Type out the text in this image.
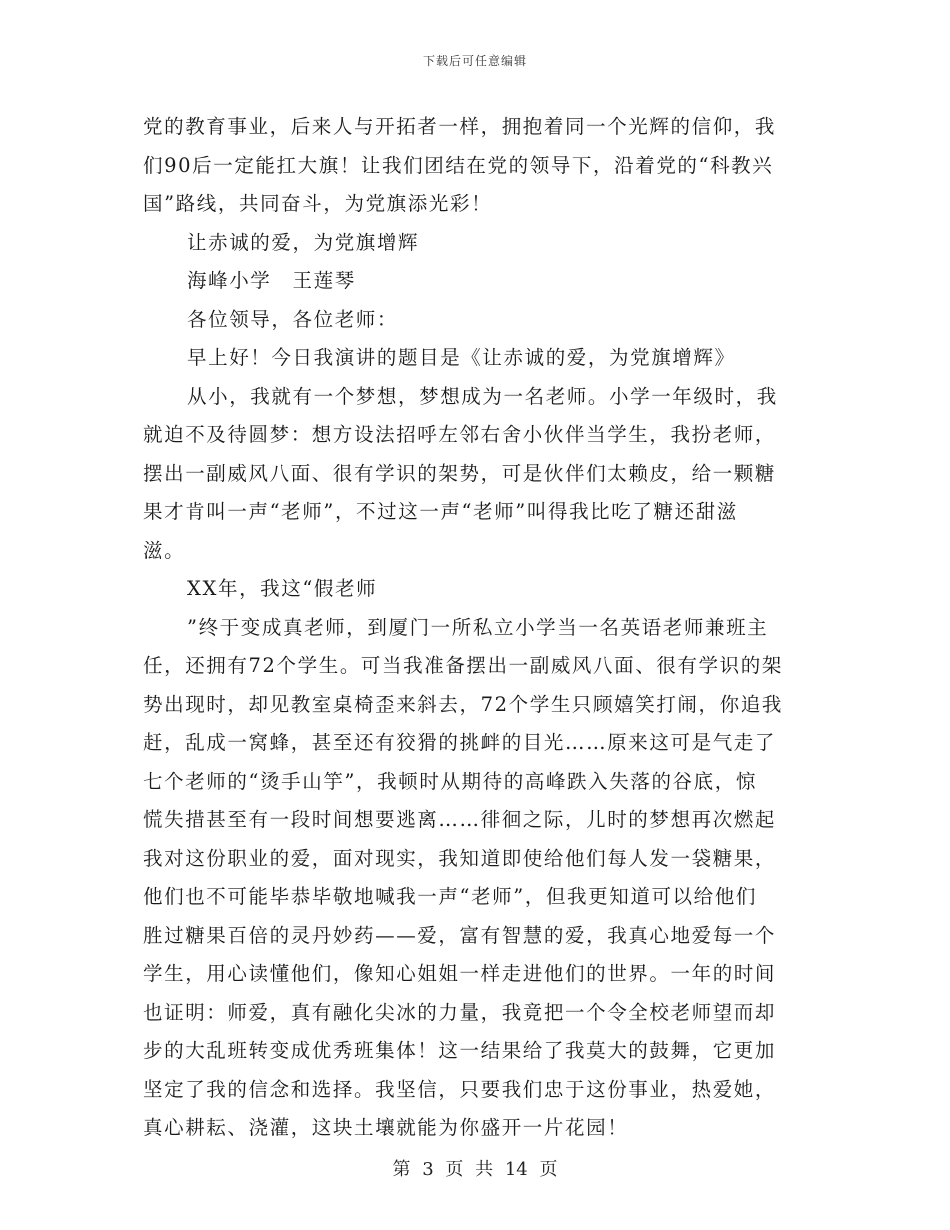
下载后可任意编辑
党的教育事业，后来人与开拓者一样，拥抱着同一个光辉的信仰，我
们90后一定能扛大旗！让我们团结在党的领导下，沿着党的“科教兴
国”路线，共同奋斗，为党旗添光彩！
让赤诚的爱，为党旗增辉
海峰小学　王莲琴
各位领导，各位老师：
早上好！今日我演讲的题目是《让赤诚的爱，为党旗增辉》
从小，我就有一个梦想，梦想成为一名老师。小学一年级时，我
就迫不及待圆梦：想方设法招呼左邻右舍小伙伴当学生，我扮老师，
摆出一副威风八面、很有学识的架势，可是伙伴们太赖皮，给一颗糖
果才肯叫一声“老师”，不过这一声“老师”叫得我比吃了糖还甜滋
滋。
XX年，我这“假老师
”终于变成真老师，到厦门一所私立小学当一名英语老师兼班主
任，还拥有72个学生。可当我准备摆出一副威风八面、很有学识的架
势出现时，却见教室桌椅歪来斜去，72个学生只顾嬉笑打闹，你追我
赶，乱成一窝蜂，甚至还有狡猾的挑衅的目光……原来这可是气走了
七个老师的“烫手山竽”，我顿时从期待的高峰跌入失落的谷底，惊
慌失措甚至有一段时间想要逃离……徘徊之际，儿时的梦想再次燃起
我对这份职业的爱，面对现实，我知道即使给他们每人发一袋糖果，
他们也不可能毕恭毕敬地喊我一声“老师”，但我更知道可以给他们
胜过糖果百倍的灵丹妙药——爱，富有智慧的爱，我真心地爱每一个
学生，用心读懂他们，像知心姐姐一样走进他们的世界。一年的时间
也证明：师爱，真有融化尖冰的力量，我竟把一个令全校老师望而却
步的大乱班转变成优秀班集体！这一结果给了我莫大的鼓舞，它更加
坚定了我的信念和选择。我坚信，只要我们忠于这份事业，热爱她，
真心耕耘、浇灌，这块土壤就能为你盛开一片花园！
第 3 页 共 14 页
